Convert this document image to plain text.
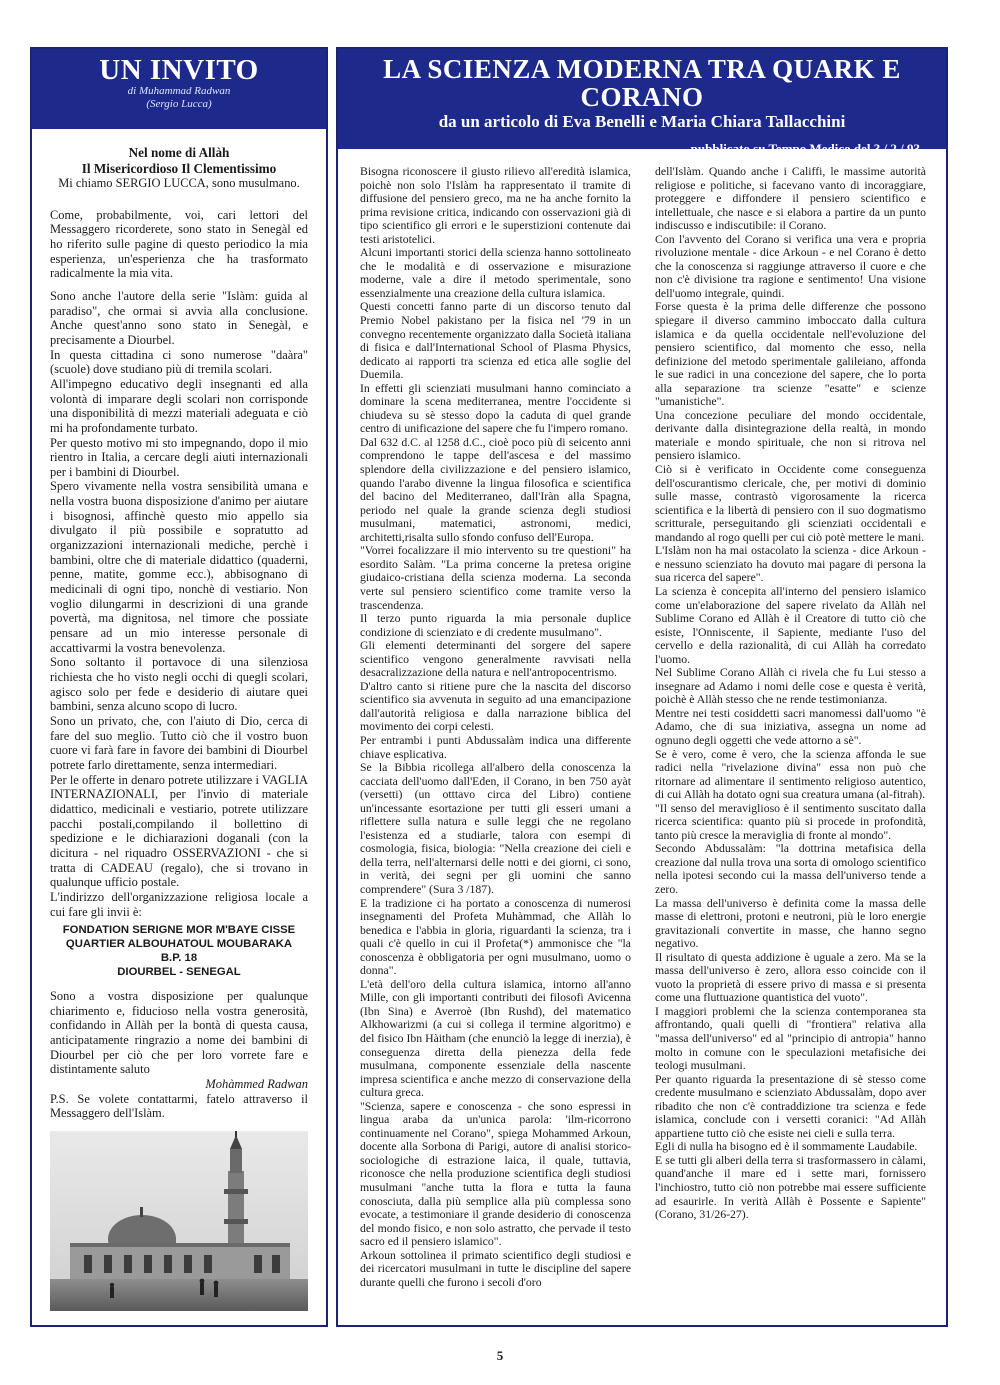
UN INVITO
di Muhammad Radwan
(Sergio Lucca)
Nel nome di Allàh
Il Misericordioso Il Clementissimo
Mi chiamo SERGIO LUCCA, sono musulmano.

Come, probabilmente, voi, cari lettori del Messaggero ricorderete, sono stato in Senegàl ed ho riferito sulle pagine di questo periodico la mia esperienza, un'esperienza che ha trasformato radicalmente la mia vita.

Sono anche l'autore della serie "Islàm: guida al paradiso", che ormai si avvia alla conclusione. Anche quest'anno sono stato in Senegàl, e precisamente a Diourbel.

In questa cittadina ci sono numerose "daàra" (scuole) dove studiano più di tremila scolari.

All'impegno educativo degli insegnanti ed alla volontà di imparare degli scolari non corrisponde una disponibilità di mezzi materiali adeguata e ciò mi ha profondamente turbato.

Per questo motivo mi sto impegnando, dopo il mio rientro in Italia, a cercare degli aiuti internazionali per i bambini di Diourbel.

Spero vivamente nella vostra sensibilità umana e nella vostra buona disposizione d'animo per aiutare i bisognosi, affinchè questo mio appello sia divulgato il più possibile e sopratutto ad organizzazioni internazionali mediche, perchè i bambini, oltre che di materiale didattico (quaderni, penne, matite, gomme ecc.), abbisognano di medicinali di ogni tipo, nonchè di vestiario. Non voglio dilungarmi in descrizioni di una grande povertà, ma dignitosa, nel timore che possiate pensare ad un mio interesse personale di accattivarmi la vostra benevolenza.

Sono soltanto il portavoce di una silenziosa richiesta che ho visto negli occhi di quegli scolari, agisco solo per fede e desiderio di aiutare quei bambini, senza alcuno scopo di lucro.

Sono un privato, che, con l'aiuto di Dio, cerca di fare del suo meglio. Tutto ciò che il vostro buon cuore vi farà fare in favore dei bambini di Diourbel potrete farlo direttamente, senza intermediari.

Per le offerte in denaro potrete utilizzare i VAGLIA INTERNAZIONALI, per l'invio di materiale didattico, medicinali e vestiario, potrete utilizzare pacchi postali,compilando il bollettino di spedizione e le dichiarazioni doganali (con la dicitura - nel riquadro OSSERVAZIONI - che si tratta di CADEAU (regalo), che si trovano in qualunque ufficio postale.

L'indirizzo dell'organizzazione religiosa locale a cui fare gli invii è:

FONDATION SERIGNE MOR M'BAYE CISSE
QUARTIER ALBOUHATOUL MOUBARAKA
B.P. 18
DIOURBEL - SENEGAL

Sono a vostra disposizione per qualunque chiarimento e, fiducioso nella vostra generosità, confidando in Allàh per la bontà di questa causa, anticipatamente ringrazio a nome dei bambini di Diourbel per ciò che per loro vorrete fare e distintamente saluto

Mohàmmed Radwan

P.S. Se volete contattarmi, fatelo attraverso il Messaggero dell'Islàm.

LA SCIENZA MODERNA TRA QUARK E CORANO
da un articolo di Eva Benelli e Maria Chiara Tallacchini
pubblicato su Tempo Medico del 3 / 2 / 93

Bisogna riconoscere il giusto rilievo all'eredità islamica, poichè non solo l'Islàm ha rappresentato il tramite di diffusione del pensiero greco, ma ne ha anche fornito la prima revisione critica, indicando con osservazioni già di tipo scientifico gli errori e le superstizioni contenute dai testi aristotelici.

Alcuni importanti storici della scienza hanno sottolineato che le modalità e di osservazione e misurazione moderne, vale a dire il metodo sperimentale, sono essenzialmente una creazione della cultura islamica.

Questi concetti fanno parte di un discorso tenuto dal Premio Nobel pakistano per la fisica nel '79 in un convegno recentemente organizzato dalla Società italiana di fisica e dall'International School of Plasma Physics, dedicato ai rapporti tra scienza ed etica alle soglie del Duemila.

In effetti gli scienziati musulmani hanno cominciato a dominare la scena mediterranea, mentre l'occidente si chiudeva su sè stesso dopo la caduta di quel grande centro di unificazione del sapere che fu l'impero romano.

Dal 632 d.C. al 1258 d.C., cioè poco più di seicento anni comprendono le tappe dell'ascesa e del massimo splendore della civilizzazione e del pensiero islamico, quando l'arabo divenne la lingua filosofica e scientifica del bacino del Mediterraneo, dall'Iràn alla Spagna, periodo nel quale la grande scienza degli studiosi musulmani, matematici, astronomi, medici, architetti,risalta sullo sfondo confuso dell'Europa.

"Vorrei focalizzare il mio intervento su tre questioni" ha esordito Salàm. "La prima concerne la pretesa origine giudaico-cristiana della scienza moderna. La seconda verte sul pensiero scientifico come tramite verso la trascendenza.

Il terzo punto riguarda la mia personale duplice condizione di scienziato e di credente musulmano".

Gli elementi determinanti del sorgere del sapere scientifico vengono generalmente ravvisati nella desacralizzazione della natura e nell'antropocentrismo.

D'altro canto si ritiene pure che la nascita del discorso scientifico sia avvenuta in seguito ad una emancipazione dall'autorità religiosa e dalla narrazione biblica del movimento dei corpi celesti.

Per entrambi i punti Abdussalàm indica una differente chiave esplicativa.

Se la Bibbia ricollega all'albero della conoscenza la cacciata dell'uomo dall'Eden, il Corano, in ben 750 ayàt (versetti) (un otttavo circa del Libro) contiene un'incessante esortazione per tutti gli esseri umani a riflettere sulla natura e sulle leggi che ne regolano l'esistenza ed a studiarle, talora con esempi di cosmologia, fisica, biologia: "Nella creazione dei cieli e della terra, nell'alternarsi delle notti e dei giorni, ci sono, in verità, dei segni per gli uomini che sanno comprendere" (Sura 3 /187).

E la tradizione ci ha portato a conoscenza di numerosi insegnamenti del Profeta Muhàmmad, che Allàh lo benedica e l'abbia in gloria, riguardanti la scienza, tra i quali c'è quello in cui il Profeta(*) ammonisce che "la conoscenza è obbligatoria per ogni musulmano, uomo o donna".

L'età dell'oro della cultura islamica, intorno all'anno Mille, con gli importanti contributi dei filosofi Avicenna (Ibn Sina) e Averroè (Ibn Rushd), del matematico Alkhowarizmi (a cui si collega il termine algoritmo) e del fisico Ibn Hàitham (che enunciò la legge di inerzia), è conseguenza diretta della pienezza della fede musulmana, componente essenziale della nascente impresa scientifica e anche mezzo di conservazione della cultura greca.

"Scienza, sapere e conoscenza - che sono espressi in lingua araba da un'unica parola: 'ilm-ricorrono continuamente nel Corano", spiega Mohammed Arkoun, docente alla Sorbona di Parigi, autore di analisi storico-sociologiche di estrazione laica, il quale, tuttavia, riconosce che nella produzione scientifica degli studiosi musulmani "anche tutta la flora e tutta la fauna conosciuta, dalla più semplice alla più complessa sono evocate, a testimoniare il grande desiderio di conoscenza del mondo fisico, e non solo astratto, che pervade il testo sacro ed il pensiero islamico".

Arkoun sottolinea il primato scientifico degli studiosi e dei ricercatori musulmani in tutte le discipline del sapere durante quelli che furono i secoli d'oro

dell'Islàm. Quando anche i Califfi, le massime autorità religiose e politiche, si facevano vanto di incoraggiare, proteggere e diffondere il pensiero scientifico e intellettuale, che nasce e si elabora a partire da un punto indiscusso e indiscutibile: il Corano.

Con l'avvento del Corano si verifica una vera e propria rivoluzione mentale - dice Arkoun - e nel Corano è detto che la conoscenza si raggiunge attraverso il cuore e che non c'è divisione tra ragione e sentimento! Una visione dell'uomo integrale, quindi.

Forse questa è la prima delle differenze che possono spiegare il diverso cammino imboccato dalla cultura islamica e da quella occidentale nell'evoluzione del pensiero scientifico, dal momento che esso, nella definizione del metodo sperimentale galileiano, affonda le sue radici in una concezione del sapere, che lo porta alla separazione tra scienze "esatte" e scienze "umanistiche".

Una concezione peculiare del mondo occidentale, derivante dalla disintegrazione della realtà, in mondo materiale e mondo spirituale, che non si ritrova nel pensiero islamico.

Ciò si è verificato in Occidente come conseguenza dell'oscurantismo clericale, che, per motivi di dominio sulle masse, contrastò vigorosamente la ricerca scientifica e la libertà di pensiero con il suo dogmatismo scritturale, perseguitando gli scienziati occidentali e mandando al rogo quelli per cui ciò potè mettere le mani.

L'Islàm non ha mai ostacolato la scienza - dice Arkoun - e nessuno scienziato ha dovuto mai pagare di persona la sua ricerca del sapere".

La scienza è concepita all'interno del pensiero islamico come un'elaborazione del sapere rivelato da Allàh nel Sublime Corano ed Allàh è il Creatore di tutto ciò che esiste, l'Onniscente, il Sapiente, mediante l'uso del cervello e della razionalità, di cui Allàh ha corredato l'uomo.

Nel Sublime Corano Allàh ci rivela che fu Lui stesso a insegnare ad Adamo i nomi delle cose e questa è verità, poichè è Allàh stesso che ne rende testimonianza.

Mentre nei testi cosiddetti sacri manomessi dall'uomo "è Adamo, che di sua iniziativa, assegna un nome ad ognuno degli oggetti che vede attorno a sè".

Se è vero, come è vero, che la scienza affonda le sue radici nella "rivelazione divina" essa non può che ritornare ad alimentare il sentimento religioso autentico, di cui Allàh ha dotato ogni sua creatura umana (al-fitrah).

"Il senso del meraviglioso è il sentimento suscitato dalla ricerca scientifica: quanto più si procede in profondità, tanto più cresce la meraviglia di fronte al mondo".

Secondo Abdussalàm: "la dottrina metafisica della creazione dal nulla trova una sorta di omologo scientifico nella ipotesi secondo cui la massa dell'universo tende a zero.

La massa dell'universo è definita come la massa delle masse di elettroni, protoni e neutroni, più le loro energie gravitazionali convertite in masse, che hanno segno negativo.

Il risultato di questa addizione è uguale a zero. Ma se la massa dell'universo è zero, allora esso coincide con il vuoto la proprietà di essere privo di massa e si presenta come una fluttuazione quantistica del vuoto".

I maggiori problemi che la scienza contemporanea sta affrontando, quali quelli di "frontiera" relativa alla "massa dell'universo" ed al "principio di antropia" hanno molto in comune con le speculazioni metafisiche dei teologi musulmani.

Per quanto riguarda la presentazione di sè stesso come credente musulmano e scienziato Abdussalàm, dopo aver ribadito che non c'è contraddizione tra scienza e fede islamica, conclude con i versetti coranici: "Ad Allàh appartiene tutto ciò che esiste nei cieli e sulla terra.

Egli di nulla ha bisogno ed è il sommamente Laudabile.

E se tutti gli alberi della terra si trasformassero in càlami, quand'anche il mare ed i sette mari, fornissero l'inchiostro, tutto ciò non potrebbe mai essere sufficiente ad esaurirle. In verità Allàh è Possente e Sapiente" (Corano, 31/26-27).

5
